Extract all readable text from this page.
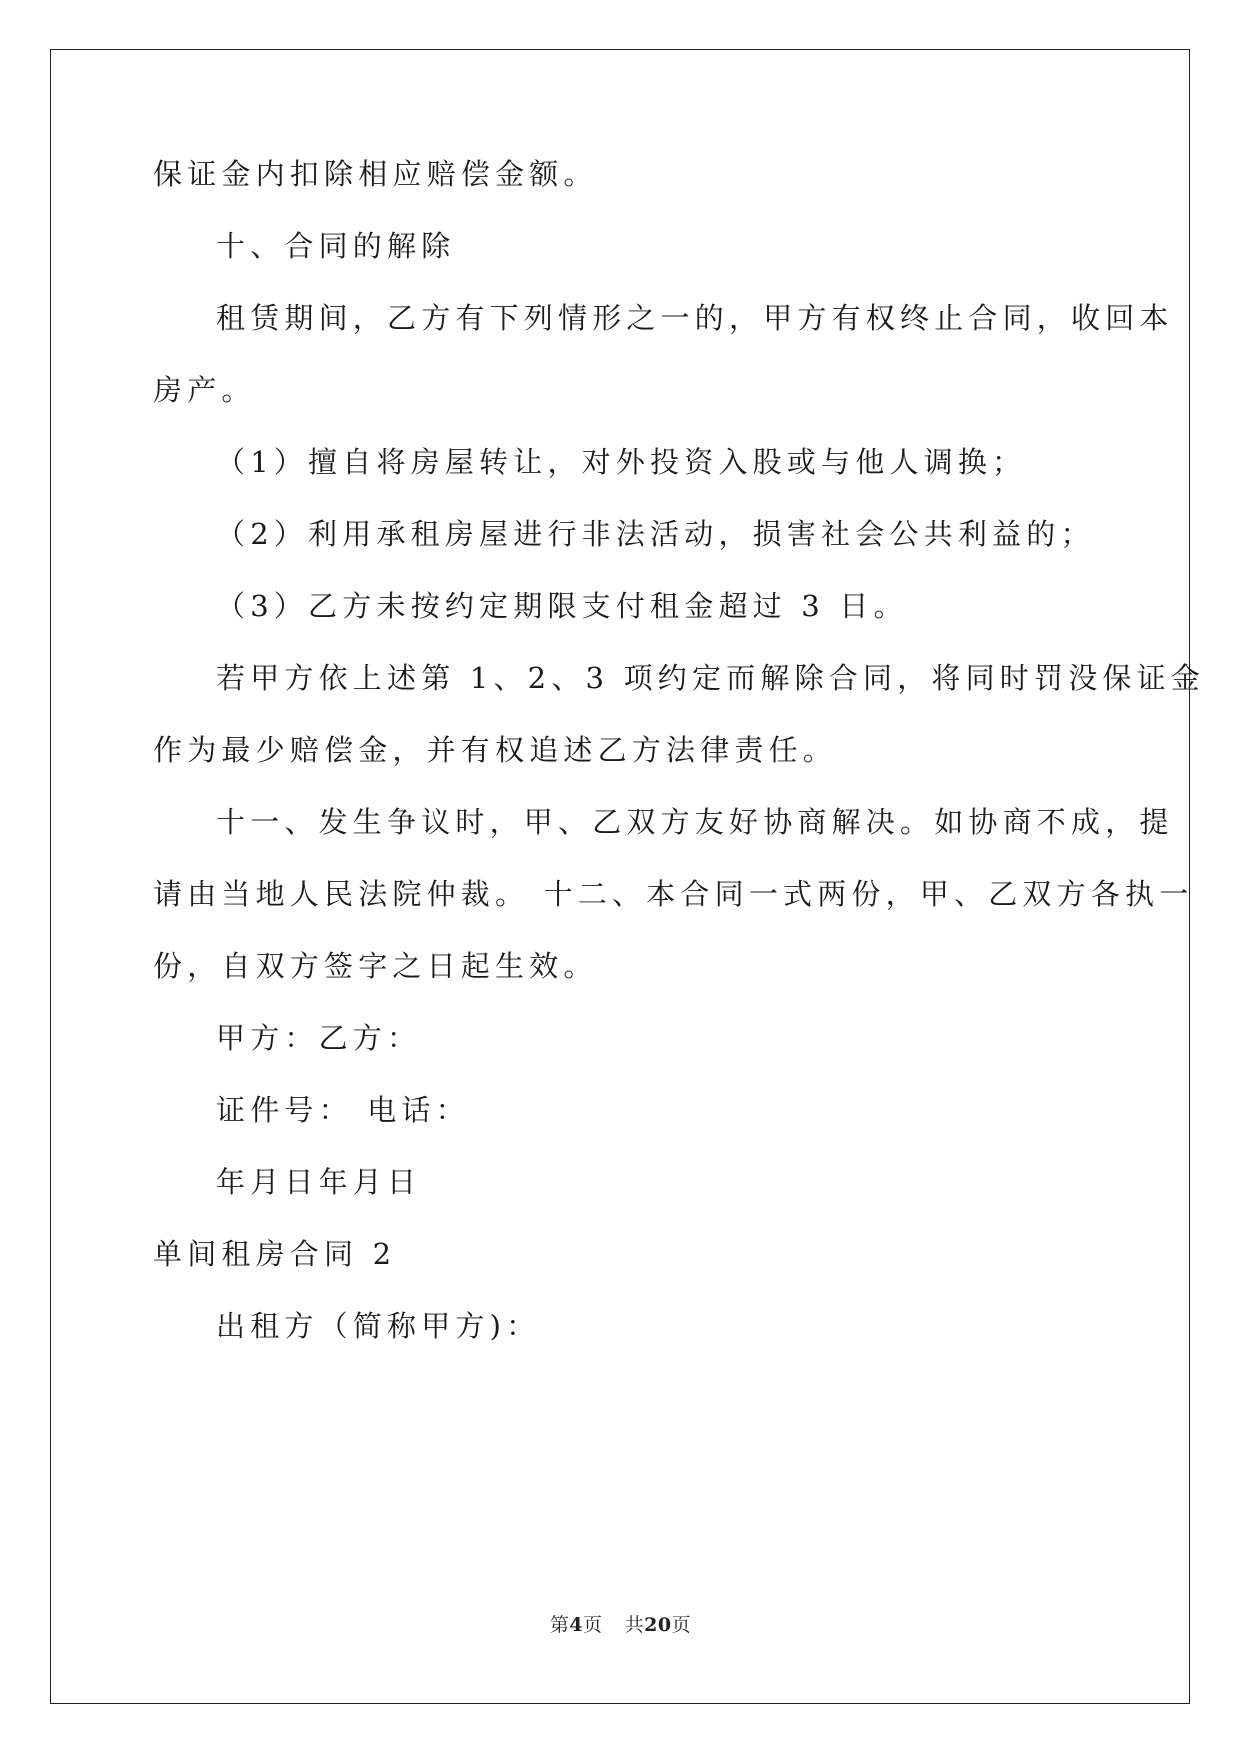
保证金内扣除相应赔偿金额。
十、合同的解除
租赁期间，乙方有下列情形之一的，甲方有权终止合同，收回本
房产。
（1）擅自将房屋转让，对外投资入股或与他人调换；
（2）利用承租房屋进行非法活动，损害社会公共利益的；
（3）乙方未按约定期限支付租金超过 3 日。
若甲方依上述第 1、2、3 项约定而解除合同，将同时罚没保证金
作为最少赔偿金，并有权追述乙方法律责任。
十一、发生争议时，甲、乙双方友好协商解决。如协商不成，提
请由当地人民法院仲裁。 十二、本合同一式两份，甲、乙双方各执一
份，自双方签字之日起生效。
甲方：乙方：
证件号： 电话：
年月日年月日
单间租房合同 2
出租方（简称甲方)：
第4页 共20页
